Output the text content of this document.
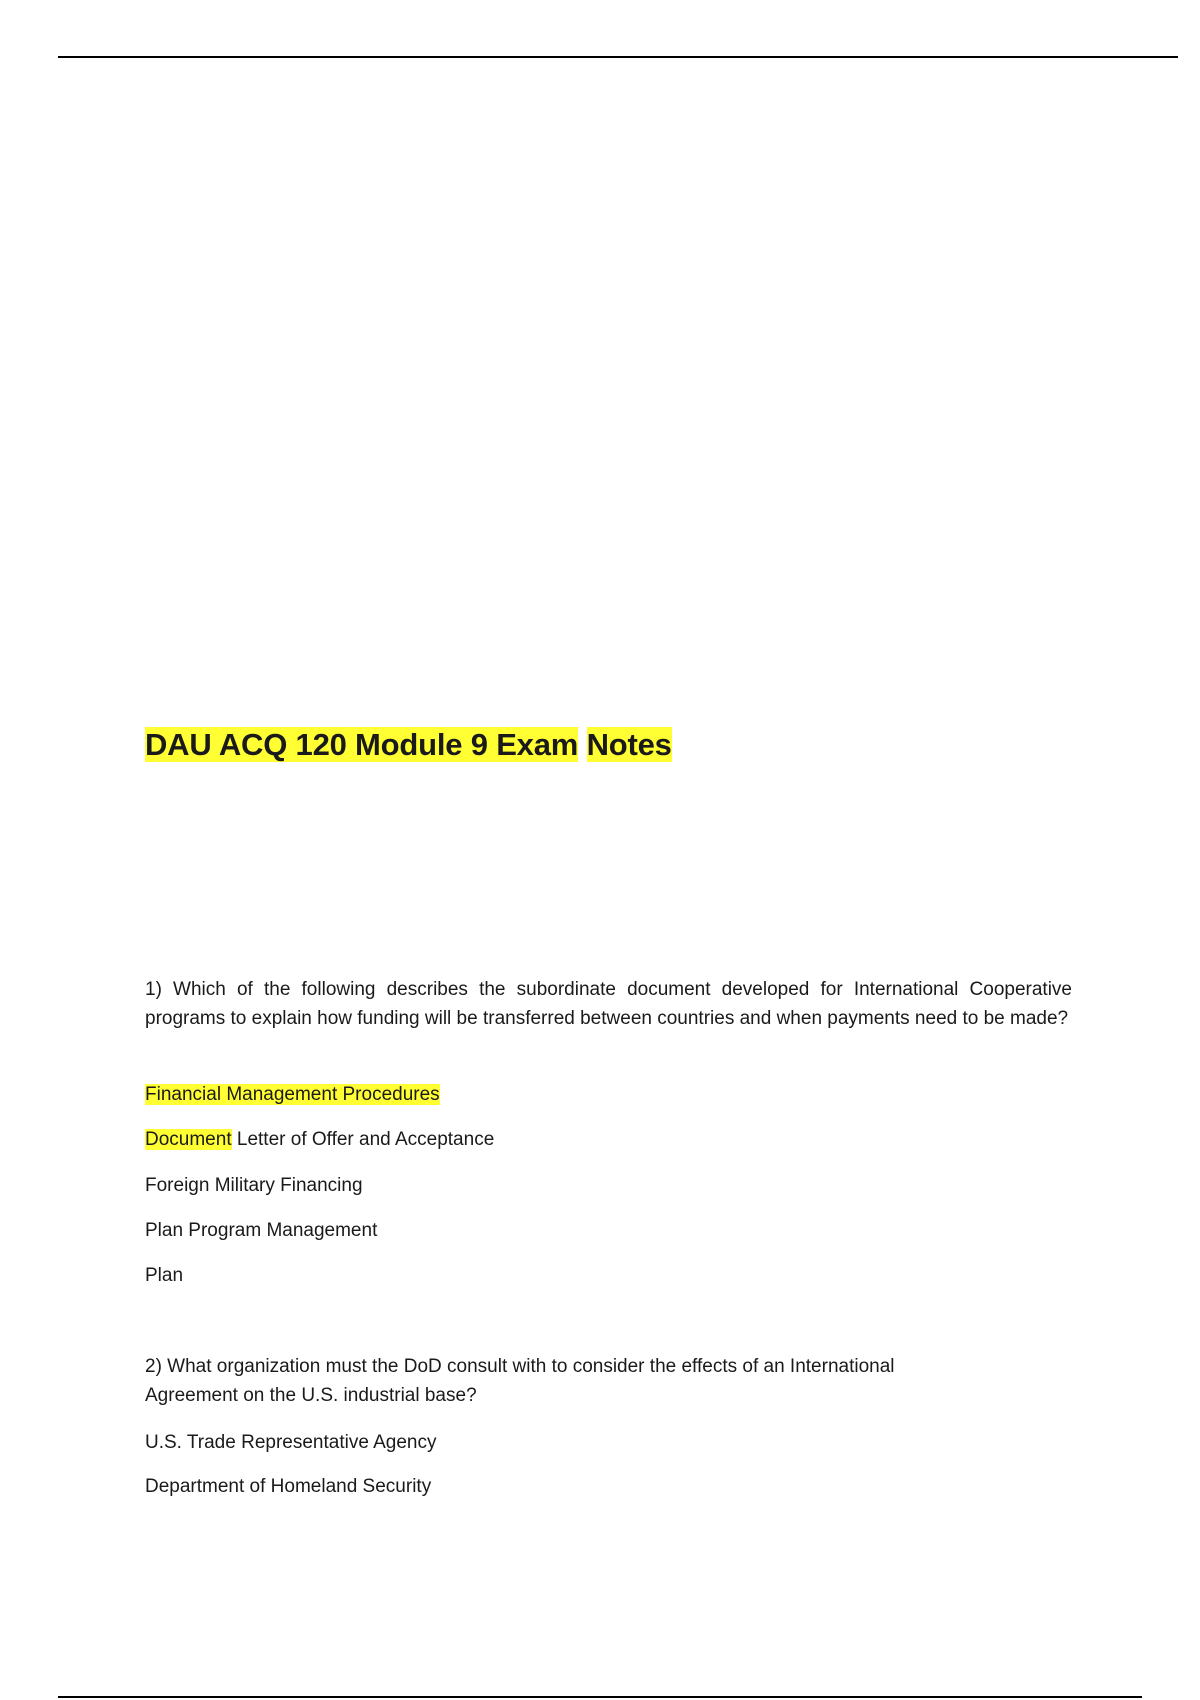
DAU ACQ 120 Module 9 Exam Notes

1) Which of the following describes the subordinate document developed for International Cooperative programs to explain how funding will be transferred between countries and when payments need to be made?

Financial Management Procedures

Document Letter of Offer and Acceptance

Foreign Military Financing

Plan Program Management

Plan

2) What organization must the DoD consult with to consider the effects of an International Agreement on the U.S. industrial base?

U.S. Trade Representative Agency

Department of Homeland Security
